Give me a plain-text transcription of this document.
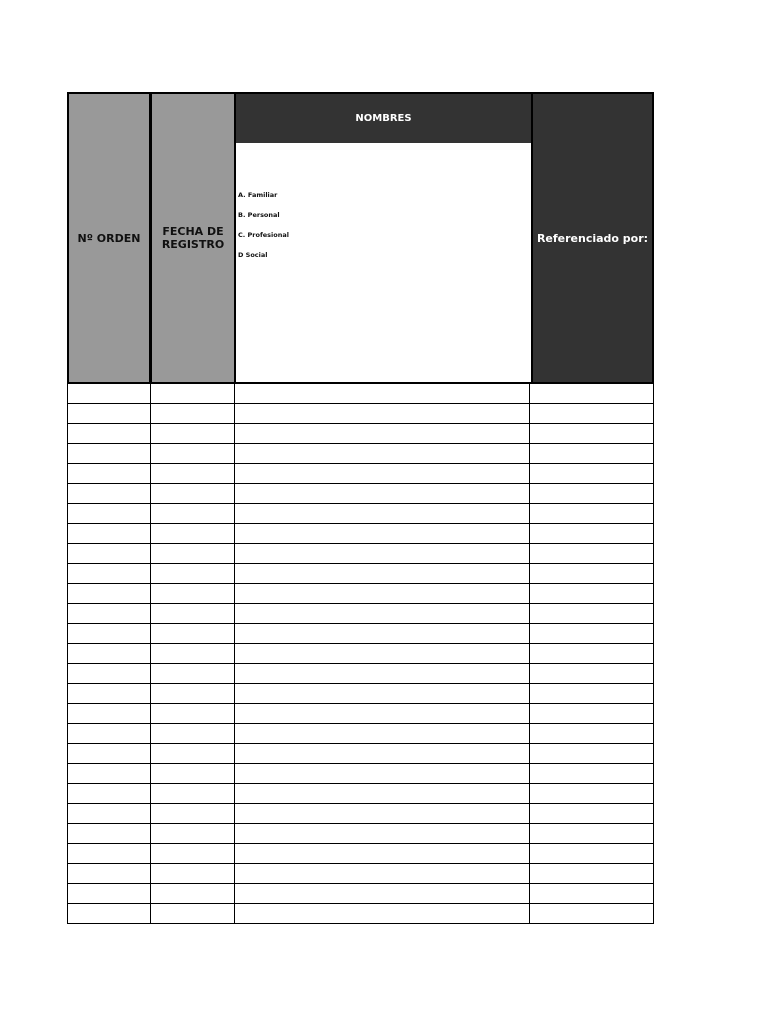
Nº ORDEN FECHA DE
REGISTRO
NOMBRES
A. Familiar
B. Personal
C. Profesional
D Social
Referenciado por:
